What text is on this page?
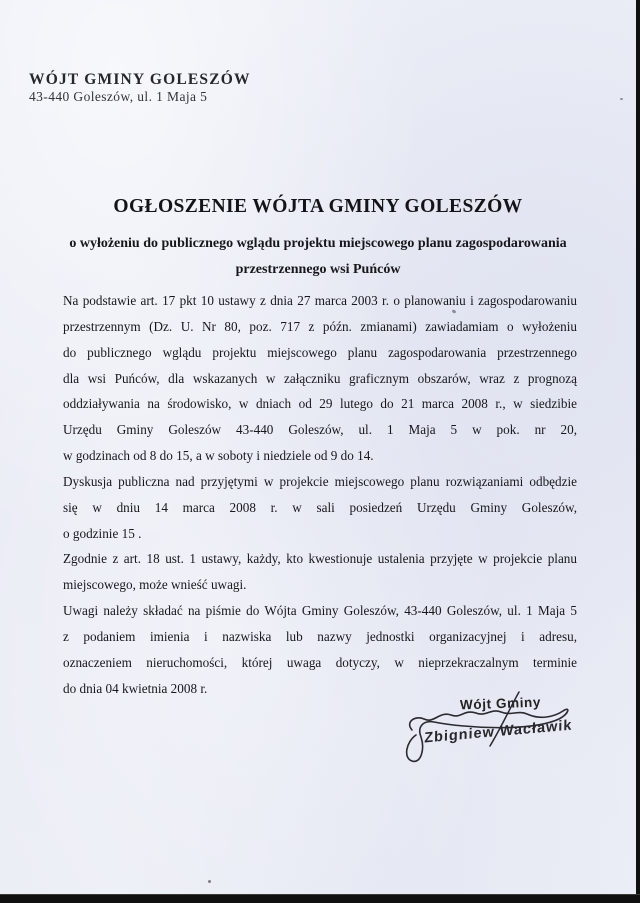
WÓJT GMINY GOLESZÓW
43-440 Goleszów, ul. 1 Maja 5
OGŁOSZENIE WÓJTA GMINY GOLESZÓW
o wyłożeniu do publicznego wglądu projektu miejscowego planu zagospodarowania
przestrzennego wsi Puńców
Na podstawie art. 17 pkt 10 ustawy z dnia 27 marca 2003 r. o planowaniu i zagospodarowaniu
przestrzennym (Dz. U. Nr 80, poz. 717 z późn. zmianami) zawiadamiam o wyłożeniu
do publicznego wglądu projektu miejscowego planu zagospodarowania przestrzennego
dla wsi Puńców, dla wskazanych w załączniku graficznym obszarów, wraz z prognozą
oddziaływania na środowisko, w dniach od 29 lutego do 21 marca 2008 r., w siedzibie
Urzędu Gminy Goleszów 43-440 Goleszów, ul. 1 Maja 5 w pok. nr 20,
w godzinach od 8 do 15, a w soboty i niedziele od 9 do 14.
Dyskusja publiczna nad przyjętymi w projekcie miejscowego planu rozwiązaniami odbędzie
się w dniu 14 marca 2008 r. w sali posiedzeń Urzędu Gminy Goleszów,
o godzinie 15 .
Zgodnie z art. 18 ust. 1 ustawy, każdy, kto kwestionuje ustalenia przyjęte w projekcie planu
miejscowego, może wnieść uwagi.
Uwagi należy składać na piśmie do Wójta Gminy Goleszów, 43-440 Goleszów, ul. 1 Maja 5
z podaniem imienia i nazwiska lub nazwy jednostki organizacyjnej i adresu,
oznaczeniem nieruchomości, której uwaga dotyczy, w nieprzekraczalnym terminie
do dnia 04 kwietnia 2008 r.
Wójt Gminy
Zbigniew Wacławik
